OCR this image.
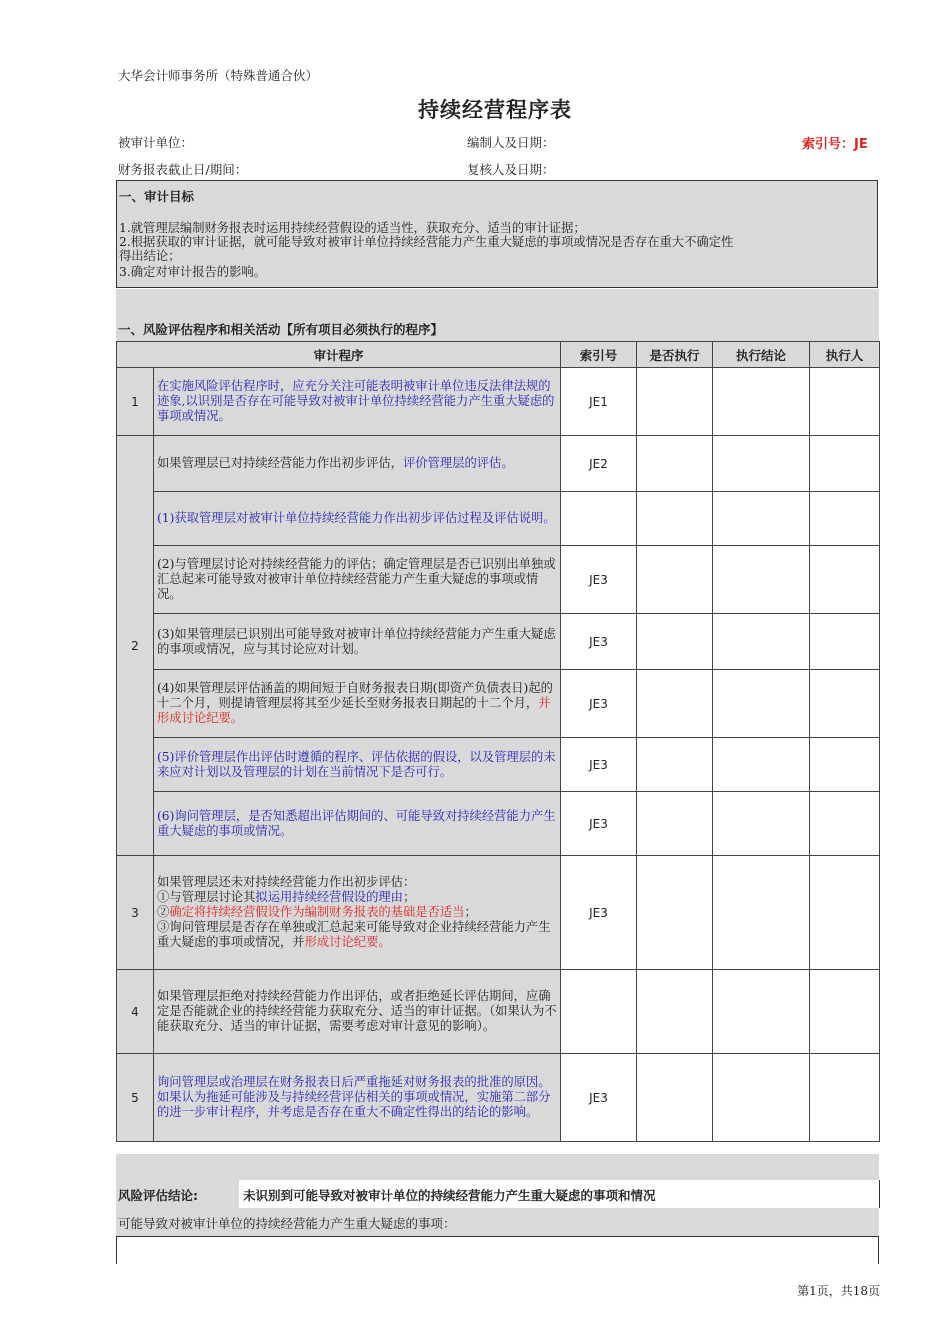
大华会计师事务所（特殊普通合伙）
持续经营程序表
被审计单位：	编制人及日期：	索引号：JE
财务报表截止日/期间：	复核人及日期：
一、审计目标
1.就管理层编制财务报表时运用持续经营假设的适当性，获取充分、适当的审计证据；
2.根据获取的审计证据，就可能导致对被审计单位持续经营能力产生重大疑虑的事项或情况是否存在重大不确定性
得出结论；
3.确定对审计报告的影响。
一、风险评估程序和相关活动【所有项目必须执行的程序】
审计程序		索引号	是否执行	执行结论	执行人
1	在实施风险评估程序时，应充分关注可能表明被审计单位违反法律法规的迹象,以识别是否存在可能导致对被审计单位持续经营能力产生重大疑虑的事项或情况。	JE1			
2	如果管理层已对持续经营能力作出初步评估，评价管理层的评估。	JE2			
	(1)获取管理层对被审计单位持续经营能力作出初步评估过程及评估说明。				
	(2)与管理层讨论对持续经营能力的评估；确定管理层是否已识别出单独或汇总起来可能导致对被审计单位持续经营能力产生重大疑虑的事项或情况。	JE3			
	(3)如果管理层已识别出可能导致对被审计单位持续经营能力产生重大疑虑的事项或情况，应与其讨论应对计划。	JE3			
	(4)如果管理层评估涵盖的期间短于自财务报表日期(即资产负债表日)起的十二个月，则提请管理层将其至少延长至财务报表日期起的十二个月，并形成讨论纪要。	JE3			
	(5)评价管理层作出评估时遵循的程序、评估依据的假设，以及管理层的未来应对计划以及管理层的计划在当前情况下是否可行。	JE3			
	(6)询问管理层，是否知悉超出评估期间的、可能导致对持续经营能力产生重大疑虑的事项或情况。	JE3			
3	如果管理层还未对持续经营能力作出初步评估：
①与管理层讨论其拟运用持续经营假设的理由；
②确定将持续经营假设作为编制财务报表的基础是否适当；
③询问管理层是否存在单独或汇总起来可能导致对企业持续经营能力产生重大疑虑的事项或情况，并形成讨论纪要。	JE3			
4	如果管理层拒绝对持续经营能力作出评估，或者拒绝延长评估期间，应确定是否能就企业的持续经营能力获取充分、适当的审计证据。（如果认为不能获取充分、适当的审计证据，需要考虑对审计意见的影响）。				
5	询问管理层或治理层在财务报表日后严重拖延对财务报表的批准的原因。如果认为拖延可能涉及与持续经营评估相关的事项或情况，实施第二部分的进一步审计程序，并考虑是否存在重大不确定性得出的结论的影响。	JE3			
风险评估结论:	未识别到可能导致对被审计单位的持续经营能力产生重大疑虑的事项和情况
可能导致对被审计单位的持续经营能力产生重大疑虑的事项：
第1页，共18页
